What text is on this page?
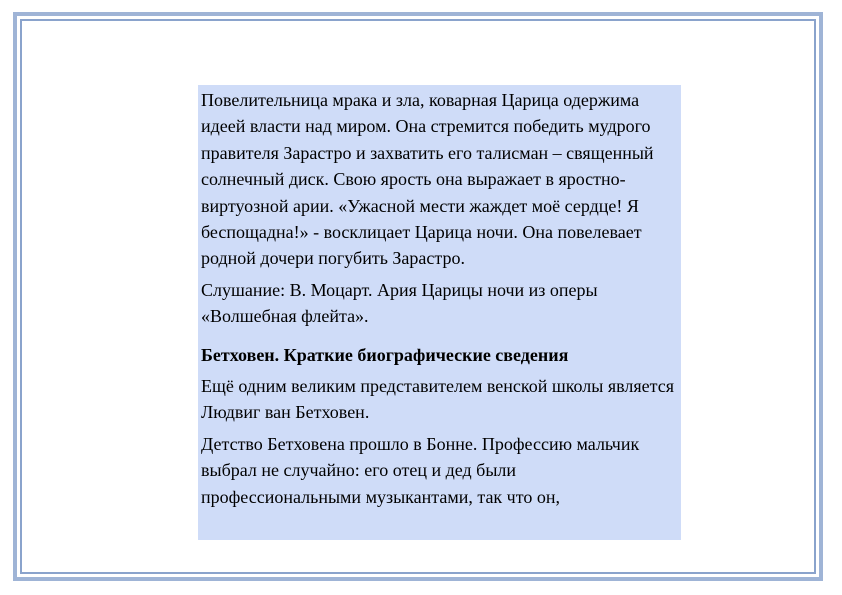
Повелительница мрака и зла, коварная Царица одержима идеей власти над миром. Она стремится победить мудрого правителя Зарастро и захватить его талисман – священный солнечный диск. Свою ярость она выражает в яростно-виртуозной арии. «Ужасной мести жаждет моё сердце! Я беспощадна!» - восклицает Царица ночи. Она повелевает родной дочери погубить Зарастро.

Слушание: В. Моцарт. Ария Царицы ночи из оперы «Волшебная флейта».

Бетховен. Краткие биографические сведения

Ещё одним великим представителем венской школы является Людвиг ван Бетховен.

Детство Бетховена прошло в Бонне. Профессию мальчик выбрал не случайно: его отец и дед были профессиональными музыкантами, так что он,
